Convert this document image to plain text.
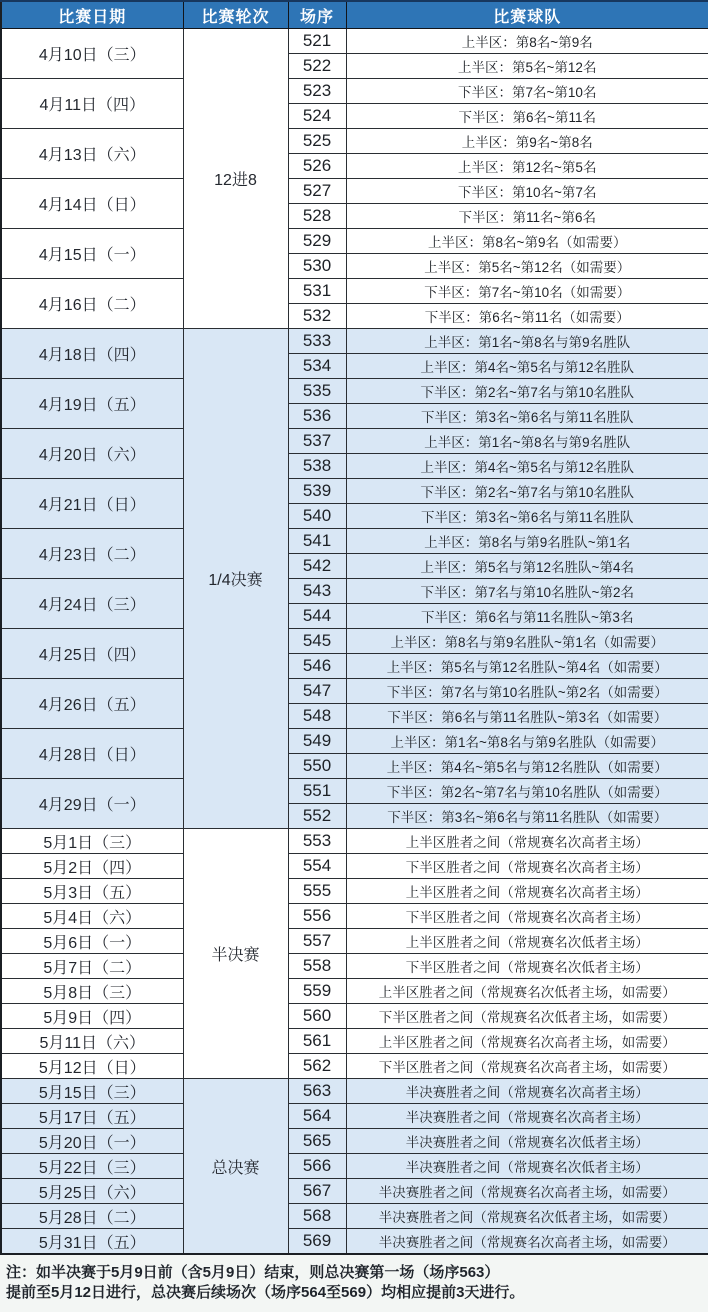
比赛日期	比赛轮次	场序	比赛球队
4月10日（三）	12进8	521	上半区：第8名~第9名
		522	上半区：第5名~第12名
4月11日（四）		523	下半区：第7名~第10名
		524	下半区：第6名~第11名
4月13日（六）		525	上半区：第9名~第8名
		526	上半区：第12名~第5名
4月14日（日）		527	下半区：第10名~第7名
		528	下半区：第11名~第6名
4月15日（一）		529	上半区：第8名~第9名（如需要）
		530	上半区：第5名~第12名（如需要）
4月16日（二）		531	下半区：第7名~第10名（如需要）
		532	下半区：第6名~第11名（如需要）
4月18日（四）	1/4决赛	533	上半区：第1名~第8名与第9名胜队
		534	上半区：第4名~第5名与第12名胜队
4月19日（五）		535	下半区：第2名~第7名与第10名胜队
		536	下半区：第3名~第6名与第11名胜队
4月20日（六）		537	上半区：第1名~第8名与第9名胜队
		538	上半区：第4名~第5名与第12名胜队
4月21日（日）		539	下半区：第2名~第7名与第10名胜队
		540	下半区：第3名~第6名与第11名胜队
4月23日（二）		541	上半区：第8名与第9名胜队~第1名
		542	上半区：第5名与第12名胜队~第4名
4月24日（三）		543	下半区：第7名与第10名胜队~第2名
		544	下半区：第6名与第11名胜队~第3名
4月25日（四）		545	上半区：第8名与第9名胜队~第1名（如需要）
		546	上半区：第5名与第12名胜队~第4名（如需要）
4月26日（五）		547	下半区：第7名与第10名胜队~第2名（如需要）
		548	下半区：第6名与第11名胜队~第3名（如需要）
4月28日（日）		549	上半区：第1名~第8名与第9名胜队（如需要）
		550	上半区：第4名~第5名与第12名胜队（如需要）
4月29日（一）		551	下半区：第2名~第7名与第10名胜队（如需要）
		552	下半区：第3名~第6名与第11名胜队（如需要）
5月1日（三）	半决赛	553	上半区胜者之间（常规赛名次高者主场）
5月2日（四）		554	下半区胜者之间（常规赛名次高者主场）
5月3日（五）		555	上半区胜者之间（常规赛名次高者主场）
5月4日（六）		556	下半区胜者之间（常规赛名次高者主场）
5月6日（一）		557	上半区胜者之间（常规赛名次低者主场）
5月7日（二）		558	下半区胜者之间（常规赛名次低者主场）
5月8日（三）		559	上半区胜者之间（常规赛名次低者主场，如需要）
5月9日（四）		560	下半区胜者之间（常规赛名次低者主场，如需要）
5月11日（六）		561	上半区胜者之间（常规赛名次高者主场，如需要）
5月12日（日）		562	下半区胜者之间（常规赛名次高者主场，如需要）
5月15日（三）	总决赛	563	半决赛胜者之间（常规赛名次高者主场）
5月17日（五）		564	半决赛胜者之间（常规赛名次高者主场）
5月20日（一）		565	半决赛胜者之间（常规赛名次低者主场）
5月22日（三）		566	半决赛胜者之间（常规赛名次低者主场）
5月25日（六）		567	半决赛胜者之间（常规赛名次高者主场，如需要）
5月28日（二）		568	半决赛胜者之间（常规赛名次低者主场，如需要）
5月31日（五）		569	半决赛胜者之间（常规赛名次高者主场，如需要）
注：如半决赛于5月9日前（含5月9日）结束，则总决赛第一场（场序563）
提前至5月12日进行，总决赛后续场次（场序564至569）均相应提前3天进行。
